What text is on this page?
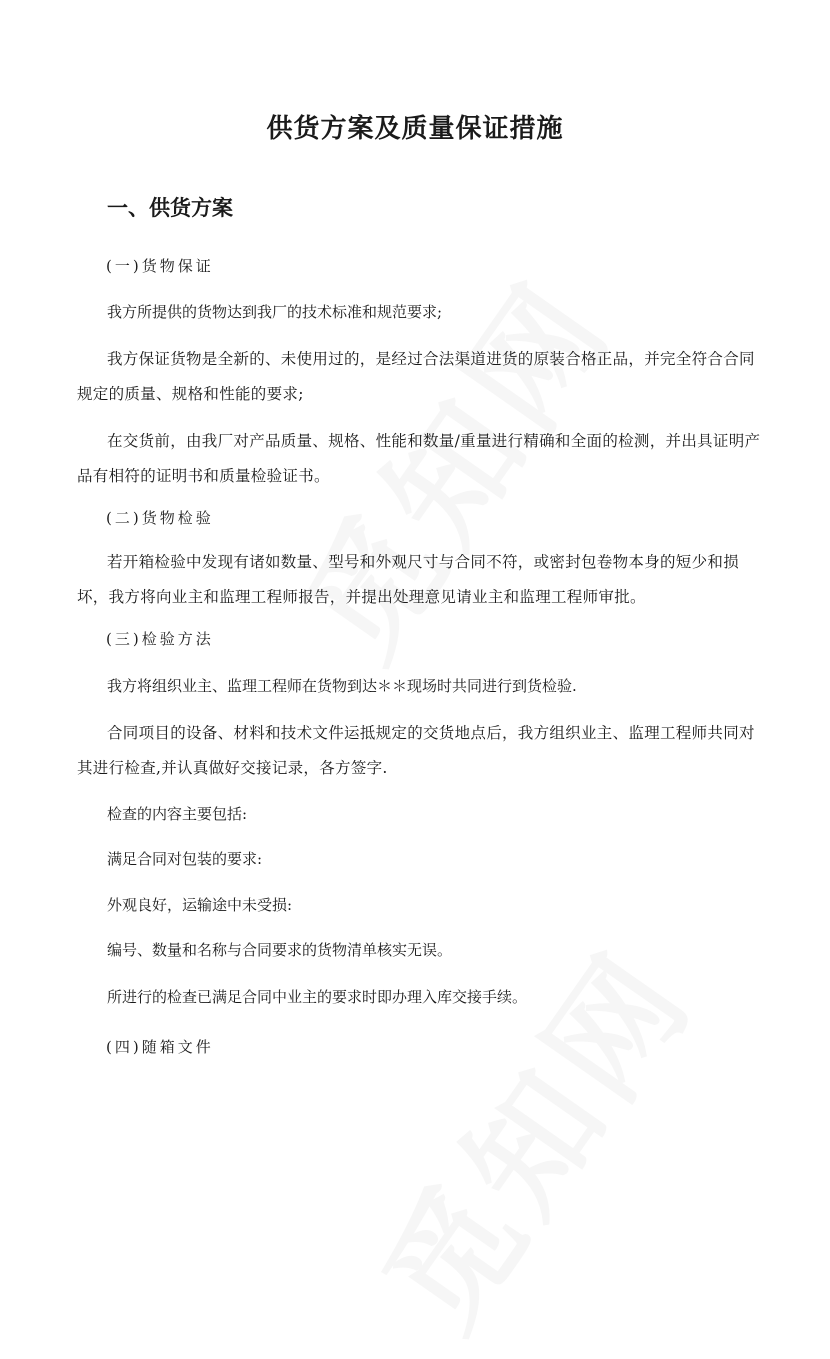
供货方案及质量保证措施
一、供货方案
(一)货物保证
我方所提供的货物达到我厂的技术标准和规范要求;
我方保证货物是全新的、未使用过的，是经过合法渠道进货的原装合格正品，并完全符合合同规定的质量、规格和性能的要求;
在交货前，由我厂对产品质量、规格、性能和数量/重量进行精确和全面的检测，并出具证明产品有相符的证明书和质量检验证书。
(二)货物检验
若开箱检验中发现有诸如数量、型号和外观尺寸与合同不符，或密封包卷物本身的短少和损坏，我方将向业主和监理工程师报告，并提出处理意见请业主和监理工程师审批。
(三)检验方法
我方将组织业主、监理工程师在货物到达＊＊现场时共同进行到货检验.
合同项目的设备、材料和技术文件运抵规定的交货地点后，我方组织业主、监理工程师共同对其进行检查,并认真做好交接记录，各方签字.
检查的内容主要包括:
满足合同对包装的要求:
外观良好，运输途中未受损:
编号、数量和名称与合同要求的货物清单核实无误。
所进行的检查已满足合同中业主的要求时即办理入库交接手续。
(四)随箱文件
